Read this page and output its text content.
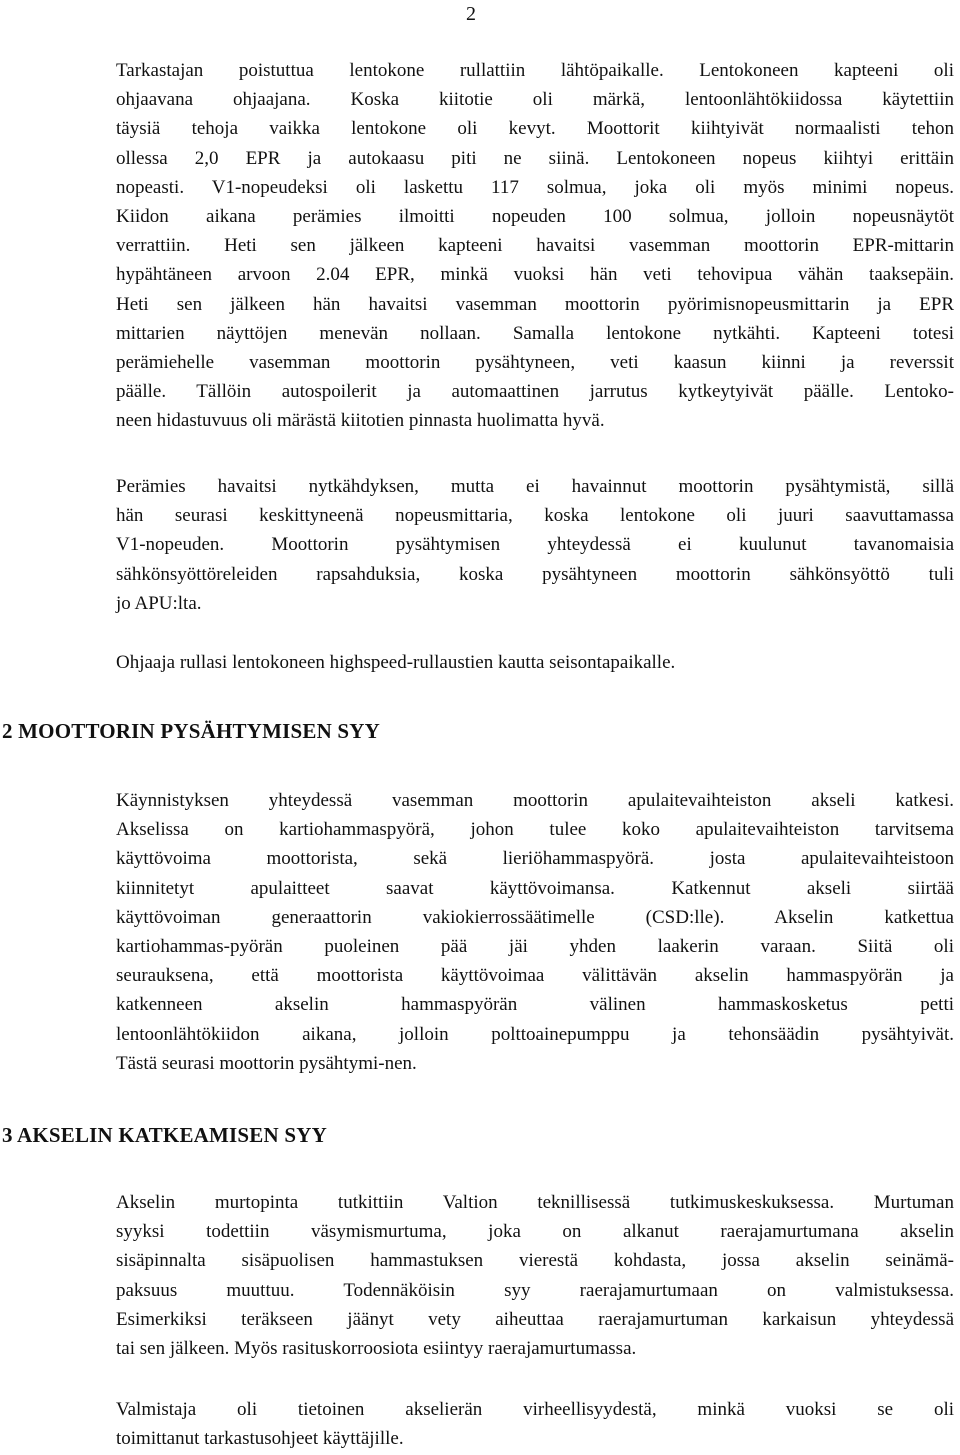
2
Tarkastajan poistuttua lentokone rullattiin lähtöpaikalle. Lentokoneen kapteeni oli
ohjaavana ohjaajana. Koska kiitotie oli märkä, lentoonlähtökiidossa käytettiin
täysiä tehoja vaikka lentokone oli kevyt. Moottorit kiihtyivät normaalisti tehon
ollessa 2,0 EPR ja autokaasu piti ne siinä. Lentokoneen nopeus kiihtyi erittäin
nopeasti. V1-nopeudeksi oli laskettu 117 solmua, joka oli myös minimi nopeus.
Kiidon aikana perämies ilmoitti nopeuden 100 solmua, jolloin nopeusnäytöt
verrattiin. Heti sen jälkeen kapteeni havaitsi vasemman moottorin EPR-mittarin
hypähtäneen arvoon 2.04 EPR, minkä vuoksi hän veti tehovipua vähän taaksepäin.
Heti sen jälkeen hän havaitsi vasemman moottorin pyörimisnopeusmittarin ja EPR
mittarien näyttöjen menevän nollaan. Samalla lentokone nytkähti. Kapteeni totesi
perämiehelle vasemman moottorin pysähtyneen, veti kaasun kiinni ja reverssit
päälle. Tällöin autospoilerit ja automaattinen jarrutus kytkeytyivät päälle. Lentoko-
neen hidastuvuus oli märästä kiitotien pinnasta huolimatta hyvä.
Perämies havaitsi nytkähdyksen, mutta ei havainnut moottorin pysähtymistä, sillä
hän seurasi keskittyneenä nopeusmittaria, koska lentokone oli juuri saavuttamassa
V1-nopeuden. Moottorin pysähtymisen yhteydessä ei kuulunut tavanomaisia
sähkönsyöttöreleiden rapsahduksia, koska pysähtyneen moottorin sähkönsyöttö tuli
jo APU:lta.
Ohjaaja rullasi lentokoneen highspeed-rullaustien kautta seisontapaikalle.
2 MOOTTORIN PYSÄHTYMISEN SYY
Käynnistyksen yhteydessä vasemman moottorin apulaitevaihteiston akseli katkesi.
Akselissa on kartiohammaspyörä, johon tulee koko apulaitevaihteiston tarvitsema
käyttövoima moottorista, sekä lieriöhammaspyörä. josta apulaitevaihteistoon
kiinnitetyt apulaitteet saavat käyttövoimansa. Katkennut akseli siirtää
käyttövoiman generaattorin vakiokierrossäätimelle (CSD:lle). Akselin katkettua
kartiohammas-pyörän puoleinen pää jäi yhden laakerin varaan. Siitä oli
seurauksena, että moottorista käyttövoimaa välittävän akselin hammaspyörän ja
katkenneen akselin hammaspyörän välinen hammaskosketus petti
lentoonlähtökiidon aikana, jolloin polttoainepumppu ja tehonsäädin pysähtyivät.
Tästä seurasi moottorin pysähtymi-nen.
3 AKSELIN KATKEAMISEN SYY
Akselin murtopinta tutkittiin Valtion teknillisessä tutkimuskeskuksessa. Murtuman
syyksi todettiin väsymismurtuma, joka on alkanut raerajamurtumana akselin
sisäpinnalta sisäpuolisen hammastuksen vierestä kohdasta, jossa akselin seinämä-
paksuus muuttuu. Todennäköisin syy raerajamurtumaan on valmistuksessa.
Esimerkiksi teräkseen jäänyt vety aiheuttaa raerajamurtuman karkaisun yhteydessä
tai sen jälkeen. Myös rasituskorroosiota esiintyy raerajamurtumassa.
Valmistaja oli tietoinen akselierän virheellisyydestä, minkä vuoksi se oli
toimittanut tarkastusohjeet käyttäjille.
